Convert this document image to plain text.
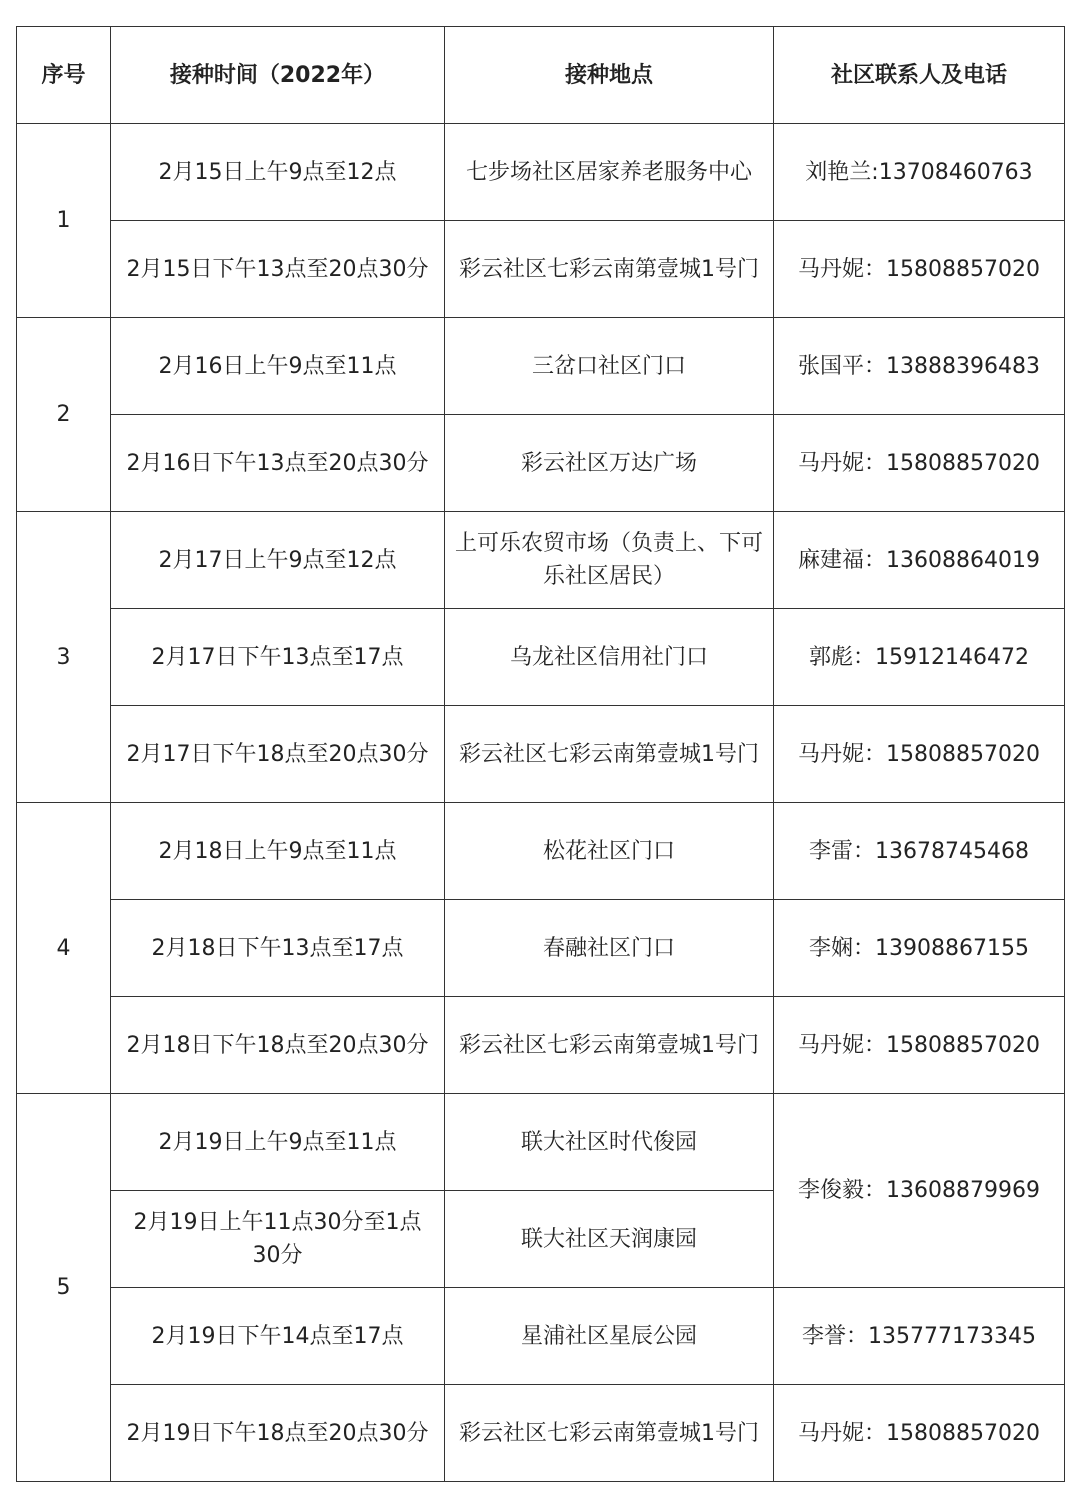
序号	接种时间（2022年）	接种地点	社区联系人及电话
1	2月15日上午9点至12点	七步场社区居家养老服务中心	刘艳兰:13708460763
	2月15日下午13点至20点30分	彩云社区七彩云南第壹城1号门	马丹妮：15808857020
2	2月16日上午9点至11点	三岔口社区门口	张国平：13888396483
	2月16日下午13点至20点30分	彩云社区万达广场	马丹妮：15808857020
3	2月17日上午9点至12点	上可乐农贸市场（负责上、下可乐社区居民）	麻建福：13608864019
	2月17日下午13点至17点	乌龙社区信用社门口	郭彪：15912146472
	2月17日下午18点至20点30分	彩云社区七彩云南第壹城1号门	马丹妮：15808857020
4	2月18日上午9点至11点	松花社区门口	李雷：13678745468
	2月18日下午13点至17点	春融社区门口	李娴：13908867155
	2月18日下午18点至20点30分	彩云社区七彩云南第壹城1号门	马丹妮：15808857020
5	2月19日上午9点至11点	联大社区时代俊园	李俊毅：13608879969
	2月19日上午11点30分至1点30分	联大社区天润康园	
	2月19日下午14点至17点	星浦社区星辰公园	李誉：135777173345
	2月19日下午18点至20点30分	彩云社区七彩云南第壹城1号门	马丹妮：15808857020
